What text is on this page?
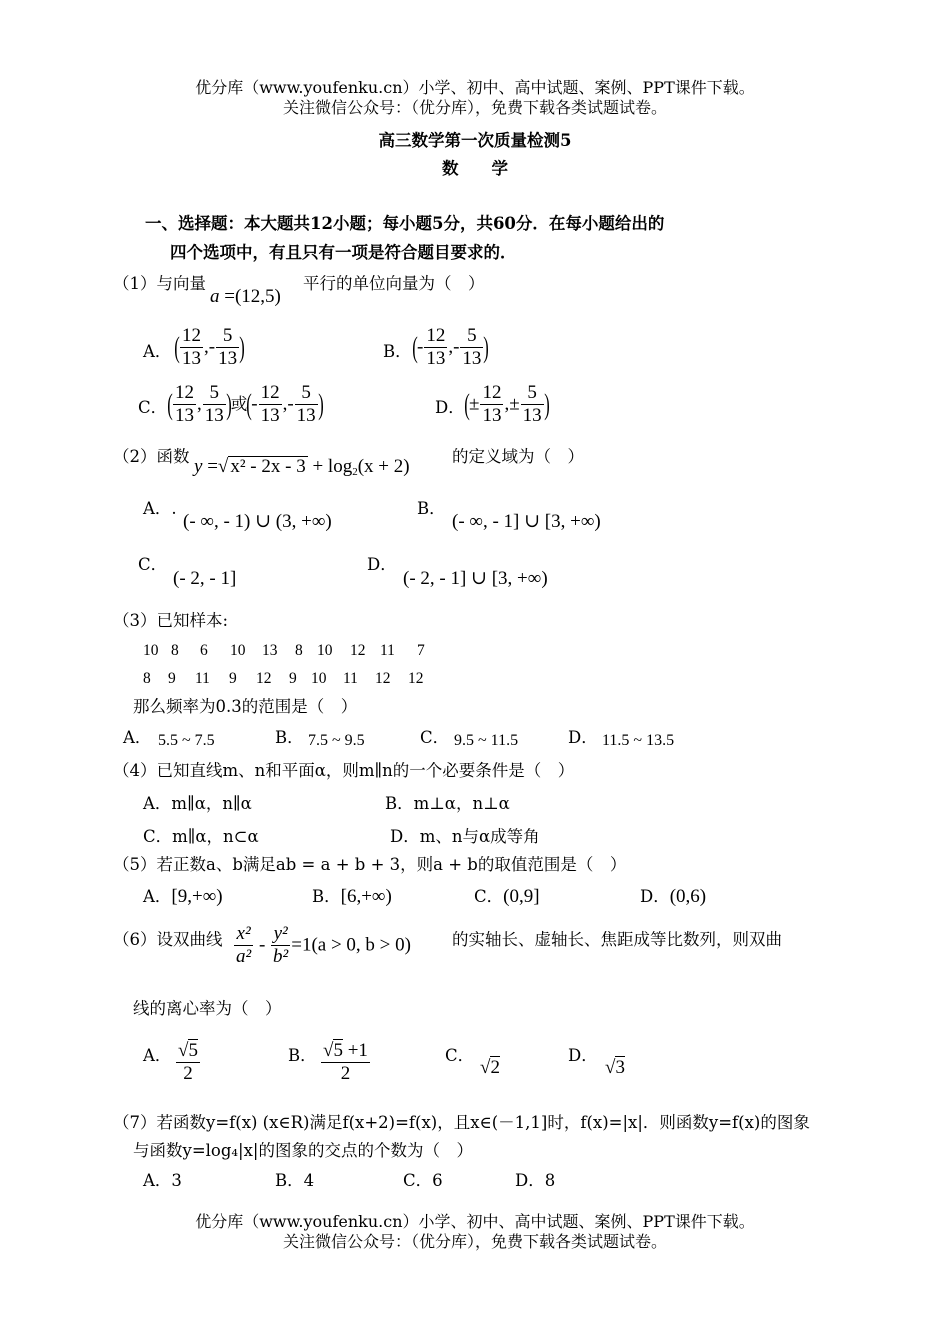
优分库（www.youfenku.cn）小学、初中、高中试题、案例、PPT课件下载。
关注微信公众号：（优分库），免费下载各类试题试卷。
高三数学第一次质量检测5
数　　学
一、选择题：本大题共12小题；每小题5分，共60分．在每小题给出的
四个选项中，有且只有一项是符合题目要求的．
（1）与向量
a =(12,5)
平行的单位向量为（　）
A． ( $\frac{12}{13}$ ,- $\frac{5}{13}$ )	B． (- $\frac{12}{13}$ ,- $\frac{5}{13}$ )
C． ( $\frac{12}{13}$ , $\frac{5}{13}$ )或(- $\frac{12}{13}$ ,- $\frac{5}{13}$ )	D． (± $\frac{12}{13}$ ,± $\frac{5}{13}$ )
（2）函数 y =√ $x^2 - 2x - 3 + \log_2(x + 2)$	的定义域为（　）
A．.
(- ∞, - 1) ∪ (3, +∞)
B．
(- ∞, - 1] ∪ [3, +∞)
C．
(- 2, - 1]
D．
(- 2, - 1] ∪ [3, +∞)
（3）已知样本:
10 8 6 10 13 8 10 12 11 7
8 9 11 9 12 9 10 11 12 12
那么频率为0.3的范围是（　）
A． 5.5 ~ 7.5	B． 7.5 ~ 9.5	C． 9.5 ~ 11.5	D． 11.5 ~ 13.5
（4）已知直线m、n和平面α，则m∥n的一个必要条件是（　）
A．m∥α，n∥α	B．m⊥α，n⊥α
C．m∥α，n⊂α	D．m、n与α成等角
（5）若正数a、b满足ab = a + b + 3，则a + b的取值范围是（　）
A．[9,+∞)	B．[6,+∞)	C．(0,9]	D．(0,6)
（6）设双曲线 $\frac{\text{x²}}{\text{a²}} - \frac{\text{y²}}{\text{b²}} =1(a > 0$, b > 0) 的实轴长、虚轴长、焦距成等比数列，则双曲
线的离心率为（　）
A． $\frac{√5}{2}$	B． $\frac{√5 +1}{2}$	C．
√2
D．
√3
（7）若函数y=f(x) (x∈R)满足f(x+2)=f(x)，且x∈(－1,1]时，f(x)=|x|．则函数y=f(x)的图象
与函数y=log₄|x|的图象的交点的个数为（　）
A．3	B．4	C．6	D．8
优分库（www.youfenku.cn）小学、初中、高中试题、案例、PPT课件下载。
关注微信公众号：（优分库），免费下载各类试题试卷。
